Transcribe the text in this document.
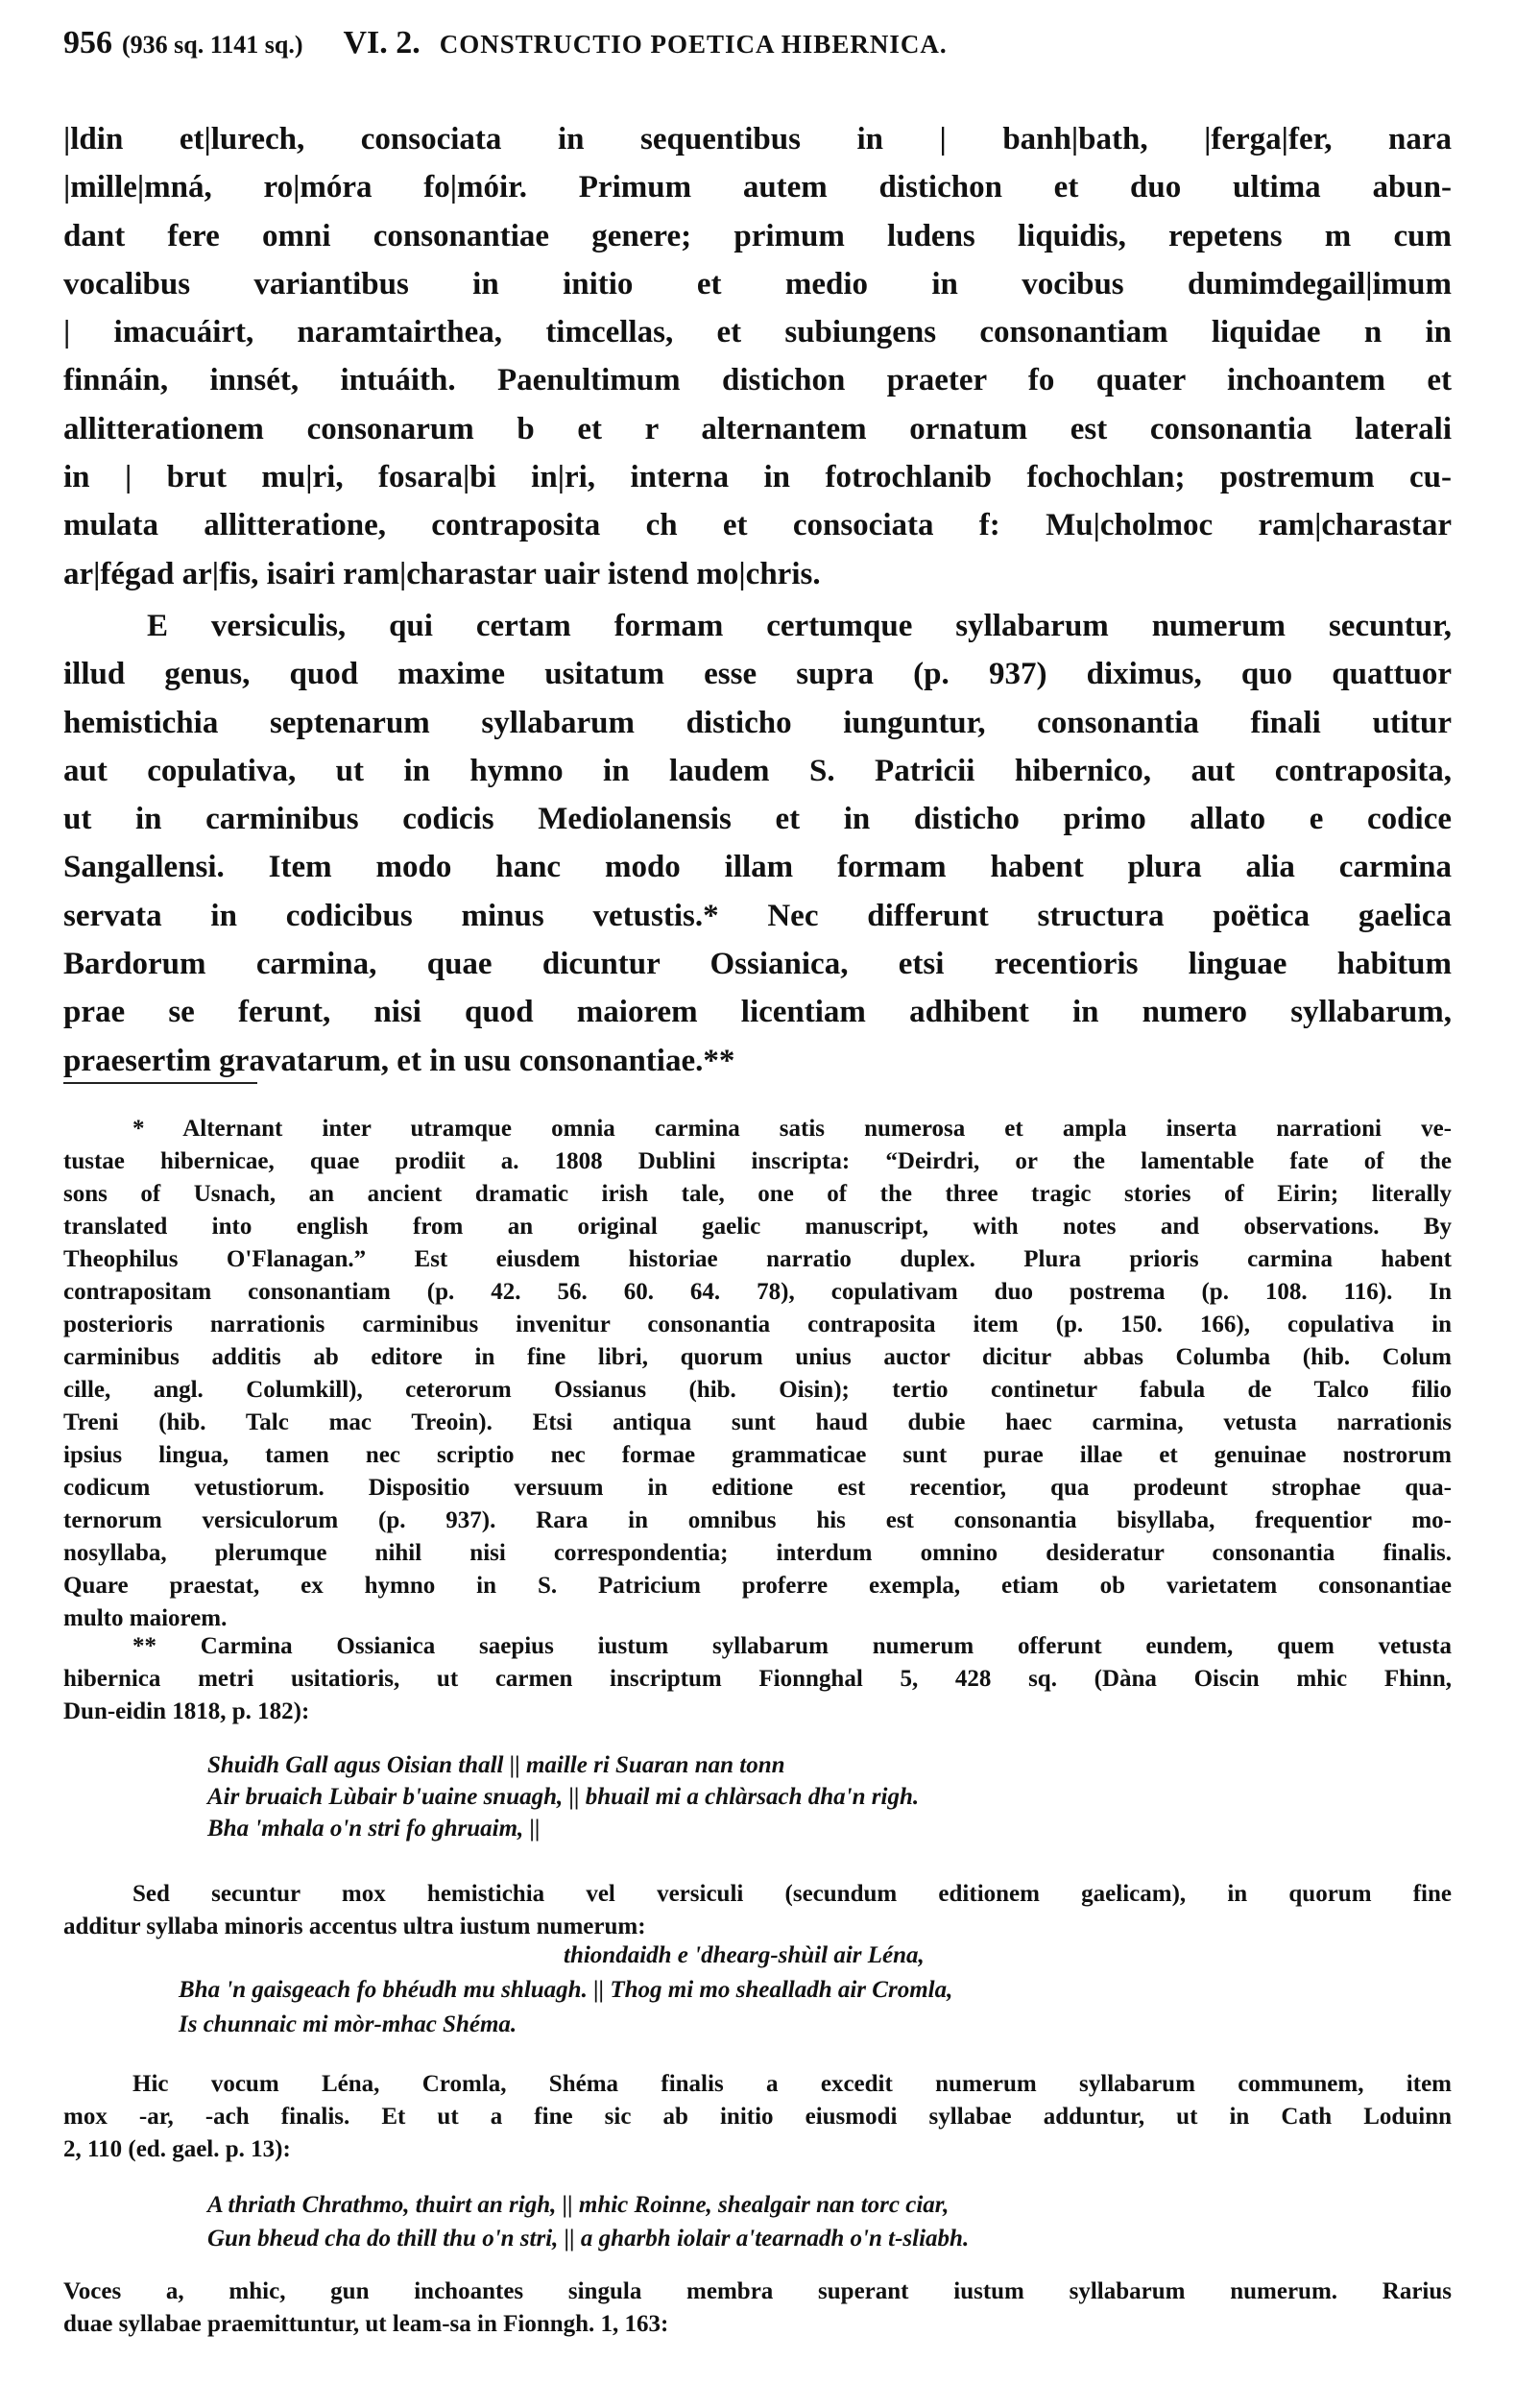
956 (936 sq. 1141 sq.) VI. 2. CONSTRUCTIO POETICA HIBERNICA.
|ldin et|lurech, consociata in sequentibus in | banh|bath, |ferga|fer, nara
|mille|mná, ro|móra fo|móir. Primum autem distichon et duo ultima abun-
dant fere omni consonantiae genere; primum ludens liquidis, repetens m cum
vocalibus variantibus in initio et medio in vocibus dumimdegail|imum
| imacuáirt, naramtairthea, timcellas, et subiungens consonantiam liquidae n in
finnáin, innsét, intuáith. Paenultimum distichon praeter fo quater inchoantem et
allitterationem consonarum b et r alternantem ornatum est consonantia laterali
in | brut mu|ri, fosara|bi in|ri, interna in fotrochlanib fochochlan; postremum cu-
mulata allitteratione, contraposita ch et consociata f: Mu|cholmoc ram|charastar
ar|fégad ar|fis, isairi ram|charastar uair istend mo|chris.
E versiculis, qui certam formam certumque syllabarum numerum secuntur,
illud genus, quod maxime usitatum esse supra (p. 937) diximus, quo quattuor
hemistichia septenarum syllabarum disticho iunguntur, consonantia finali utitur
aut copulativa, ut in hymno in laudem S. Patricii hibernico, aut contraposita,
ut in carminibus codicis Mediolanensis et in disticho primo allato e codice
Sangallensi. Item modo hanc modo illam formam habent plura alia carmina
servata in codicibus minus vetustis.* Nec differunt structura poëtica gaelica
Bardorum carmina, quae dicuntur Ossianica, etsi recentioris linguae habitum
prae se ferunt, nisi quod maiorem licentiam adhibent in numero syllabarum,
praesertim gravatarum, et in usu consonantiae.**
* Alternant inter utramque omnia carmina satis numerosa et ampla inserta narrationi ve-
tustae hibernicae, quae prodiit a. 1808 Dublini inscripta: “Deirdri, or the lamentable fate of the
sons of Usnach, an ancient dramatic irish tale, one of the three tragic stories of Eirin; literally
translated into english from an original gaelic manuscript, with notes and observations. By
Theophilus O'Flanagan.” Est eiusdem historiae narratio duplex. Plura prioris carmina habent
contrapositam consonantiam (p. 42. 56. 60. 64. 78), copulativam duo postrema (p. 108. 116). In
posterioris narrationis carminibus invenitur consonantia contraposita item (p. 150. 166), copulativa in
carminibus additis ab editore in fine libri, quorum unius auctor dicitur abbas Columba (hib. Colum
cille, angl. Columkill), ceterorum Ossianus (hib. Oisin); tertio continetur fabula de Talco filio
Treni (hib. Talc mac Treoin). Etsi antiqua sunt haud dubie haec carmina, vetusta narrationis
ipsius lingua, tamen nec scriptio nec formae grammaticae sunt purae illae et genuinae nostrorum
codicum vetustiorum. Dispositio versuum in editione est recentior, qua prodeunt strophae qua-
ternorum versiculorum (p. 937). Rara in omnibus his est consonantia bisyllaba, frequentior mo-
nosyllaba, plerumque nihil nisi correspondentia; interdum omnino desideratur consonantia finalis.
Quare praestat, ex hymno in S. Patricium proferre exempla, etiam ob varietatem consonantiae
multo maiorem.
** Carmina Ossianica saepius iustum syllabarum numerum offerunt eundem, quem vetusta
hibernica metri usitatioris, ut carmen inscriptum Fionnghal 5, 428 sq. (Dàna Oiscin mhic Fhinn,
Dun-eidin 1818, p. 182):
Shuidh Gall agus Oisian thall || maille ri Suaran nan tonn
Air bruaich Lùbair b'uaine snuagh, || bhuail mi a chlàrsach dha'n righ.
Bha 'mhala o'n stri fo ghruaim, ||
Sed secuntur mox hemistichia vel versiculi (secundum editionem gaelicam), in quorum fine
additur syllaba minoris accentus ultra iustum numerum:
thiondaidh e 'dhearg-shùil air Léna,
Bha 'n gaisgeach fo bhéudh mu shluagh. || Thog mi mo shealladh air Cromla,
Is chunnaic mi mòr-mhac Shéma.
Hic vocum Léna, Cromla, Shéma finalis a excedit numerum syllabarum communem, item
mox -ar, -ach finalis. Et ut a fine sic ab initio eiusmodi syllabae adduntur, ut in Cath Loduinn
2, 110 (ed. gael. p. 13):
A thriath Chrathmo, thuirt an righ, || mhic Roinne, shealgair nan torc ciar,
Gun bheud cha do thill thu o'n stri, || a gharbh iolair a'tearnadh o'n t-sliabh.
Voces a, mhic, gun inchoantes singula membra superant iustum syllabarum numerum. Rarius
duae syllabae praemittuntur, ut leam-sa in Fionngh. 1, 163:
